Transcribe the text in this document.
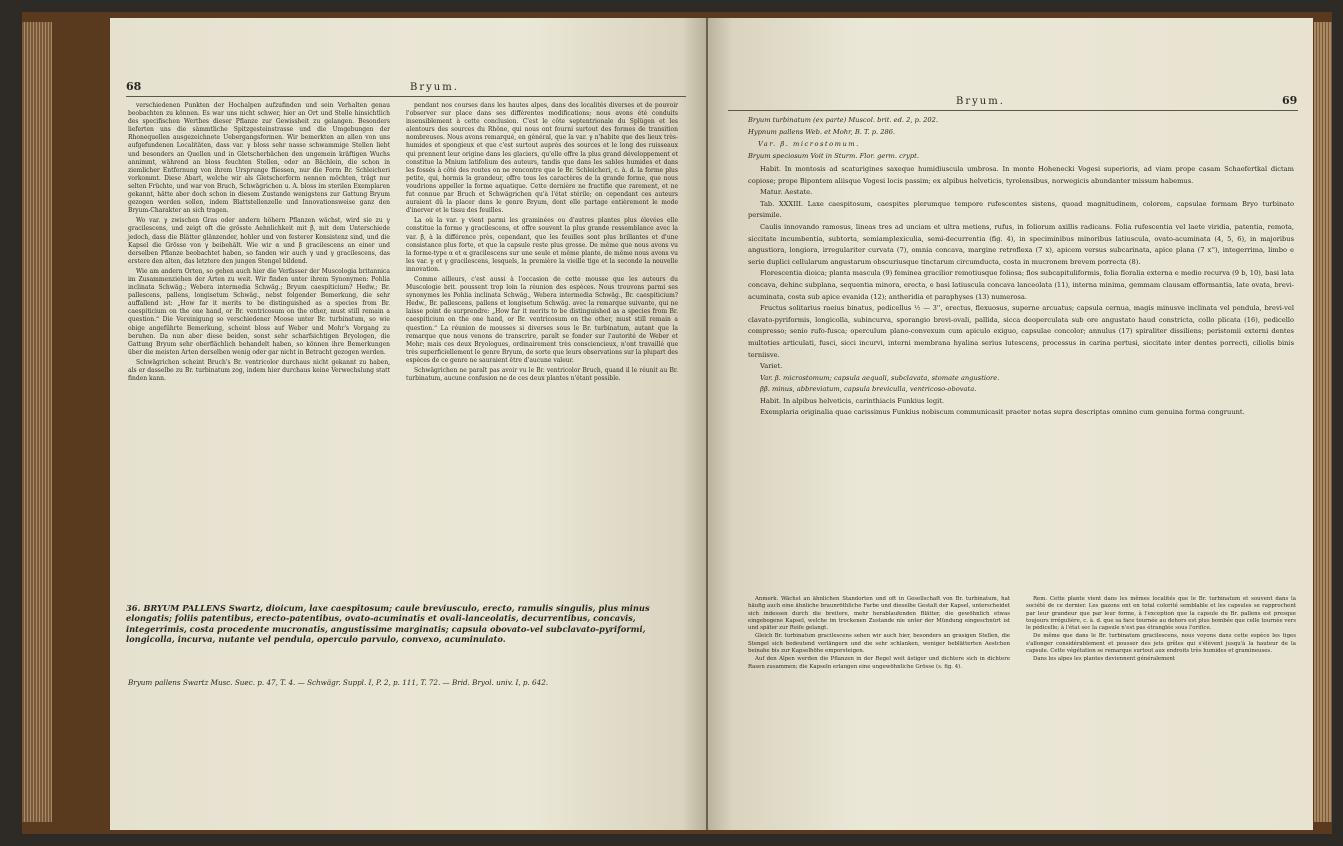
68	Bryum.

verschiedenen Punkten der Hochalpen aufzufinden und sein Verhalten genau beobachten zu können. Es war uns nicht schwer, hier an Ort und Stelle hinsichtlich des specifischen Werthes dieser Pflanze zur Gewissheit zu gelangen. Besonders lieferten uns die sämmtliche Spitzgesteinstrasse und die Umgebungen der Rhonequellen ausgezeichnete Uebergangsformen. Wir bemerkten an allen von uns aufgefundenen Localitäten, dass var. γ bloss sehr nasse schwammige Stellen liebt und besonders an Quellen und in Gletscherbächen den ungemein kräftigen Wuchs annimmt, während an bloss feuchten Stellen, oder an Bächlein, die schon in ziemlicher Entfernung von ihrem Ursprunge fliessen, nur die Form Br. Schleicheri vorkommt. Diese Abart, welche wir als Gletscherform nennen möchten, trägt nur selten Früchte, und war von Bruch, Schwägrichen u. A. bloss im sterilen Exemplaren gekannt, hätte aber doch schon in diesem Zustande wenigstens zur Gattung Bryum gezogen werden sollen, indem Blattstellenzelle und Innovationsweise ganz den Bryum-Charakter an sich tragen.

Wo var. γ zwischen Gras oder andern höhern Pflanzen wächst, wird sie zu γ gracilescens, und zeigt oft die grösste Aehnlichkeit mit β, mit dem Unterschiede jedoch, dass die Blätter glänzender, hohler und von festerer Konsistenz sind, und die Kapsel die Grösse von γ beibehält. Wie wir α und β gracilescens an einer und derselben Pflanze beobachtet haben, so fanden wir auch γ und γ gracilescens, das erstere den alten, das letztere den jungen Stengel bildend.

Wie am andern Orten, so gehen auch hier die Verfasser der Muscologia britannica im Zusammenziehen der Arten zu weit. Wir finden unter ihrem Synonymen: Pohlia inclinata Schwäg.; Webera intermedia Schwäg.; Bryum caespiticium? Hedw.; Br. pallescens, pallens, longisetum Schwäg., nebst folgender Bemerkung, die sehr auffallend ist: „How far it merits to be distinguished as a species from Br. caespiticium on the one hand, or Br. ventricosum on the other, must still remain a question.“ Die Vereinigung so verschiedener Moose unter Br. turbinatum, so wie obige angeführte Bemerkung, scheint bloss auf Weber und Mohr's Vorgang zu beruhen. Da nun aber diese beiden, sonst sehr scharfsichtigen Bryologen, die Gattung Bryum sehr oberflächlich behandelt haben, so können ihre Bemerkungen über die meisten Arten derselben wenig oder gar nicht in Betracht gezogen werden.

Schwägrichen scheint Bruch's Br. ventricolor durchaus nicht gekannt zu haben, als er dasselbe zu Br. turbinatum zog, indem hier durchaus keine Verwechslung statt finden kann.

pendant nos courses dans les hautes alpes, dans des localités diverses et de pouvoir l'observer sur place dans ses différentes modifications; nous avons été conduits insensiblement à cette conclusion. C'est le côte septentrionale du Splügen et les alentours des sources du Rhône, qui nous ont fourni surtout des formes de transition nombreuses. Nous avons remarqué, en général, que la var. γ n'habite que des lieux très-humides et spongieux et que c'est surtout auprès des sources et le long des ruisseaux qui prennent leur origine dans les glaciers, qu'elle offre la plus grand développement et constitue la Mnium latifolium des auteurs, tandis que dans les sables humides et dans les fossés à côté des routes on ne rencontre que le Br. Schleicheri, c. à. d. la forme plus petite, qui, hormis la grandeur, offre tous les caractères de la grande forme, que nous voudrions appeller la forme aquatique. Cette dernière ne fructifie que rarement, et ne fut connue par Bruch et Schwägrichen qu'à l'état stérile; on cependant ces auteurs auraient dû la placer dans le genre Bryum, dont elle partage entièrement le mode d'inerver et le tissu des feuilles.

La où la var. γ vient parmi les graminées ou d'autres plantes plus élevées elle constitue la forme γ gracilescens, et offre souvent la plus grande ressemblance avec la var. β, à la différence près, cependant, que les feuilles sont plus brillantes et d'une consistance plus forte, et que la capsule reste plus grosse. De même que nous avons vu la forme-type α et α gracilescens sur une seule et même plante, de même nous avons vu les var. γ et γ gracilescens, lesquels, la première la vieille tige et la seconde la nouvelle innovation.

Comme ailleurs, c'est aussi à l'occasion de cette mousse que les auteurs du Muscologie brit. poussent trop loin la réunion des espèces. Nous trouvons parmi ses synonymes les Pohlia inclinata Schwäg., Webera intermedia Schwäg., Br. caespiticium? Hedw., Br. pallescens, pallens et longisetum Schwäg. avec la remarque suivante, qui ne laisse point de surprendre: „How far it merits to be distinguished as a species from Br. caespiticium on the one hand, or Br. ventricosum on the other, must still remain a question.“ La réunion de mousses si diverses sous le Br. turbinatum, autant que la remarque que nous venons de transcrire, paraît se fonder sur l'autorité de Weber et Mohr; mais ces deux Bryologues, ordinairement très consciencieux, n'ont travaillé que très superficiellement le genre Bryum, de sorte que leurs observations sur la plupart des espèces de ce genre ne sauraient être d'aucune valeur.

Schwägrichen ne paraît pas avoir vu le Br. ventricolor Bruch, quand il le réunit au Br. turbinatum, aucune confusion ne de ces deux plantes n'étant possible.

36. BRYUM PALLENS Swartz, dioicum, laxe caespitosum; caule breviusculo, erecto, ramulis singulis, plus minus elongatis; foliis patentibus, erecto-patentibus, ovato-acuminatis et ovali-lanceolatis, decurrentibus, concavis, integerrimis, costa procedente mucronatis, angustissime marginatis; capsula obovato-vel subclavato-pyriformi, longicolla, incurva, nutante vel pendula, operculo parvulo, convexo, acuminulato.
Bryum pallens Swartz Musc. Suec. p. 47, T. 4. — Schwägr. Suppl. I, P. 2, p. 111, T. 72. — Brid. Bryol. univ. I, p. 642.
Bryum.	69

Bryum turbinatum (ex parte) Muscol. brit. ed. 2, p. 202.

Hypnum pallens Web. et Mohr, B. T. p. 286.

Var. β. microstomum.

Bryum speciosum Voit in Sturm. Flor. germ. crypt.

Habit. In montosis ad scaturigines saxeque humidiuscula umbrosa. In monte Hohenecki Vogesi superioris, ad viam prope casam Schaefertkal dictam copiose; prope Bipontem aliisque Vogesi locis passim; ex alpibus helveticis, tyrolensibus, norwegicis abundanter missum habemus.

Matur. Aestate.

Tab. XXXIII. Laxe caespitosum, caespites plerumque tempore rufescentes sistens, quoad magnitudinem, colorem, capsulae formam Bryo turbinato persimile.

Caulis innovando ramosus, lineas tres ad unciam et ultra metiens, rufus, in foliorum axillis radicans. Folia rufescentia vel laete viridia, patentia, remota, siccitate incumbentia, subtorta, semiamplexiculia, semi-decurrentia (fig. 4), in speciminibus minoribus latiuscula, ovato-acuminata (4, 5, 6), in majoribus angustiora, longiora, irregulariter curvata (7), omnia concava, margine retroflexa (7 x), apicem versus subcarinata, apice plana (7 x''), integerrima, limbo e serie duplici cellularum angustarum obscuriusque tinctarum circumducta, costa in mucronem brevem porrecta (8).

Florescentia dioica; planta mascula (9) feminea gracilior remotiusque foliosa; flos subcapituliformis, folia floralia externa e medio recurva (9 b, 10), basi lata concava, dehinc subplana, sequentia minora, erecta, e basi latiuscula concava lanceolata (11), interna minima, gemmam clausam efformantia, late ovata, brevi-acuminata, costa sub apice evanida (12); antheridia et paraphyses (13) numerosa.

Fructus solitarius raeius binatus, pedicellus ½ — 3'', erectus, flexuosus, superne arcuatus; capsula cernua, magis minusve inclinata vel pendula, brevi-vel clavato-pyriformis, longicolla, subincurva, sporangio brevi-ovali, pallida, sicca deoperculata sub ore angustato haud constricta, collo plicata (16), pedicello compresso; senio rufo-fusca; operculum plano-convexum cum apiculo exiguo, capsulae concolor; annulus (17) spiraliter dissiliens; peristomii externi dentes multoties articulati, fusci, sicci incurvi, interni membrana hyalina serius lutescens, processus in carina pertusi, siccitate inter dentes porrecti, ciliolis binis terniisve.

Variet.

Var. β. microstomum; capsula aequali, subclavata, stomate angustiore.

ββ. minus, abbreviatum, capsula breviculla, ventricoso-obovata.

Habit. In alpibus helveticis, carinthiacis Funkius legit.

Exemplaria originalia quae carissimus Funkius nobiscum communicasit praeter notas supra descriptas omnino cum genuina forma congruunt.

Anmerk. Wächst an ähnlichen Standorten und oft in Gesellschaft von Br. turbinatum, hat häufig auch eine ähnliche braunröthliche Farbe und dieselbe Gestalt der Kapsel, unterscheidet sich indessen durch die breitere, mehr herablaufenden Blätter, die gewöhnlich etwas eingebogene Kapsel, welche im trockenen Zustande nie unter der Mündung eingeschnürt ist und später zur Reife gelangt.

Gleich Br. turbinatum gracilescens sehen wir auch hier, besonders an grasigen Stellen, die Stengel sich bedeutend verlängern und die sehr schlanken, weniger beblätterten Aestchen beinahe bis zur Kapselhöhe emporsteigen.

Auf den Alpen werden die Pflanzen in der Regel weit ästiger und dichtere sich in dichtere Rasen zusammen; die Kapseln erlangen eine ungewöhnliche Grösse (s. fig. 4).

Rem. Cette plante vient dans les mêmes localités que le Br. turbinatum et souvent dans la société de ce dernier. Les gazons ont en total colorité semblable et les capsules se rapprochent par leur grandeur que par leur forme, à l'exception que la capsule du Br. pallens est presque toujours irrégulière, c. à. d. que sa face tournée au dehors est plus bombée que celle tournée vers le pédicelle; à l'état sec la capsule n'est pas étranglée sous l'orifice.

De même que dans le Br. turbinatum gracilescens, nous voyons dans cette espèce les tiges s'allonger considérablement et pousser des jets grêles qui s'élèvent jusqu'à la hauteur de la capsule. Cette végétation se remarque surtout aux endroits très humides et gramineuses.

Dans les alpes les plantes deviennent généralement
